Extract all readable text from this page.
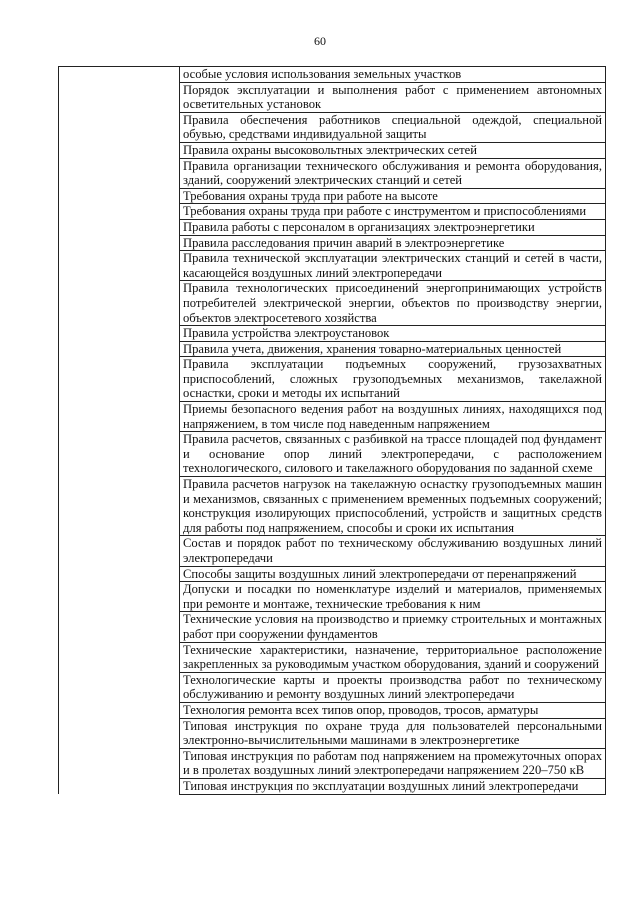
60
	особые условия использования земельных участков
Порядок эксплуатации и выполнения работ с применением автономных осветительных установок
Правила обеспечения работников специальной одеждой, специальной обувью, средствами индивидуальной защиты
Правила охраны высоковольтных электрических сетей
Правила организации технического обслуживания и ремонта оборудования, зданий, сооружений электрических станций и сетей
Требования охраны труда при работе на высоте
Требования охраны труда при работе с инструментом и приспособлениями
Правила работы с персоналом в организациях электроэнергетики
Правила расследования причин аварий в электроэнергетике
Правила технической эксплуатации электрических станций и сетей в части, касающейся воздушных линий электропередачи
Правила технологических присоединений энергопринимающих устройств потребителей электрической энергии, объектов по производству энергии, объектов электросетевого хозяйства
Правила устройства электроустановок
Правила учета, движения, хранения товарно-материальных ценностей
Правила эксплуатации подъемных сооружений, грузозахватных приспособлений, сложных грузоподъемных механизмов, такелажной оснастки, сроки и методы их испытаний
Приемы безопасного ведения работ на воздушных линиях, находящихся под напряжением, в том числе под наведенным напряжением
Правила расчетов, связанных с разбивкой на трассе площадей под фундамент и основание опор линий электропередачи, с расположением технологического, силового и такелажного оборудования по заданной схеме
Правила расчетов нагрузок на такелажную оснастку грузоподъемных машин и механизмов, связанных с применением временных подъемных сооружений; конструкция изолирующих приспособлений, устройств и защитных средств для работы под напряжением, способы и сроки их испытания
Состав и порядок работ по техническому обслуживанию воздушных линий электропередачи
Способы защиты воздушных линий электропередачи от перенапряжений
Допуски и посадки по номенклатуре изделий и материалов, применяемых при ремонте и монтаже, технические требования к ним
Технические условия на производство и приемку строительных и монтажных работ при сооружении фундаментов
Технические характеристики, назначение, территориальное расположение закрепленных за руководимым участком оборудования, зданий и сооружений
Технологические карты и проекты производства работ по техническому обслуживанию и ремонту воздушных линий электропередачи
Технология ремонта всех типов опор, проводов, тросов, арматуры
Типовая инструкция по охране труда для пользователей персональными электронно-вычислительными машинами в электроэнергетике
Типовая инструкция по работам под напряжением на промежуточных опорах и в пролетах воздушных линий электропередачи напряжением 220–750 кВ
Типовая инструкция по эксплуатации воздушных линий электропередачи
